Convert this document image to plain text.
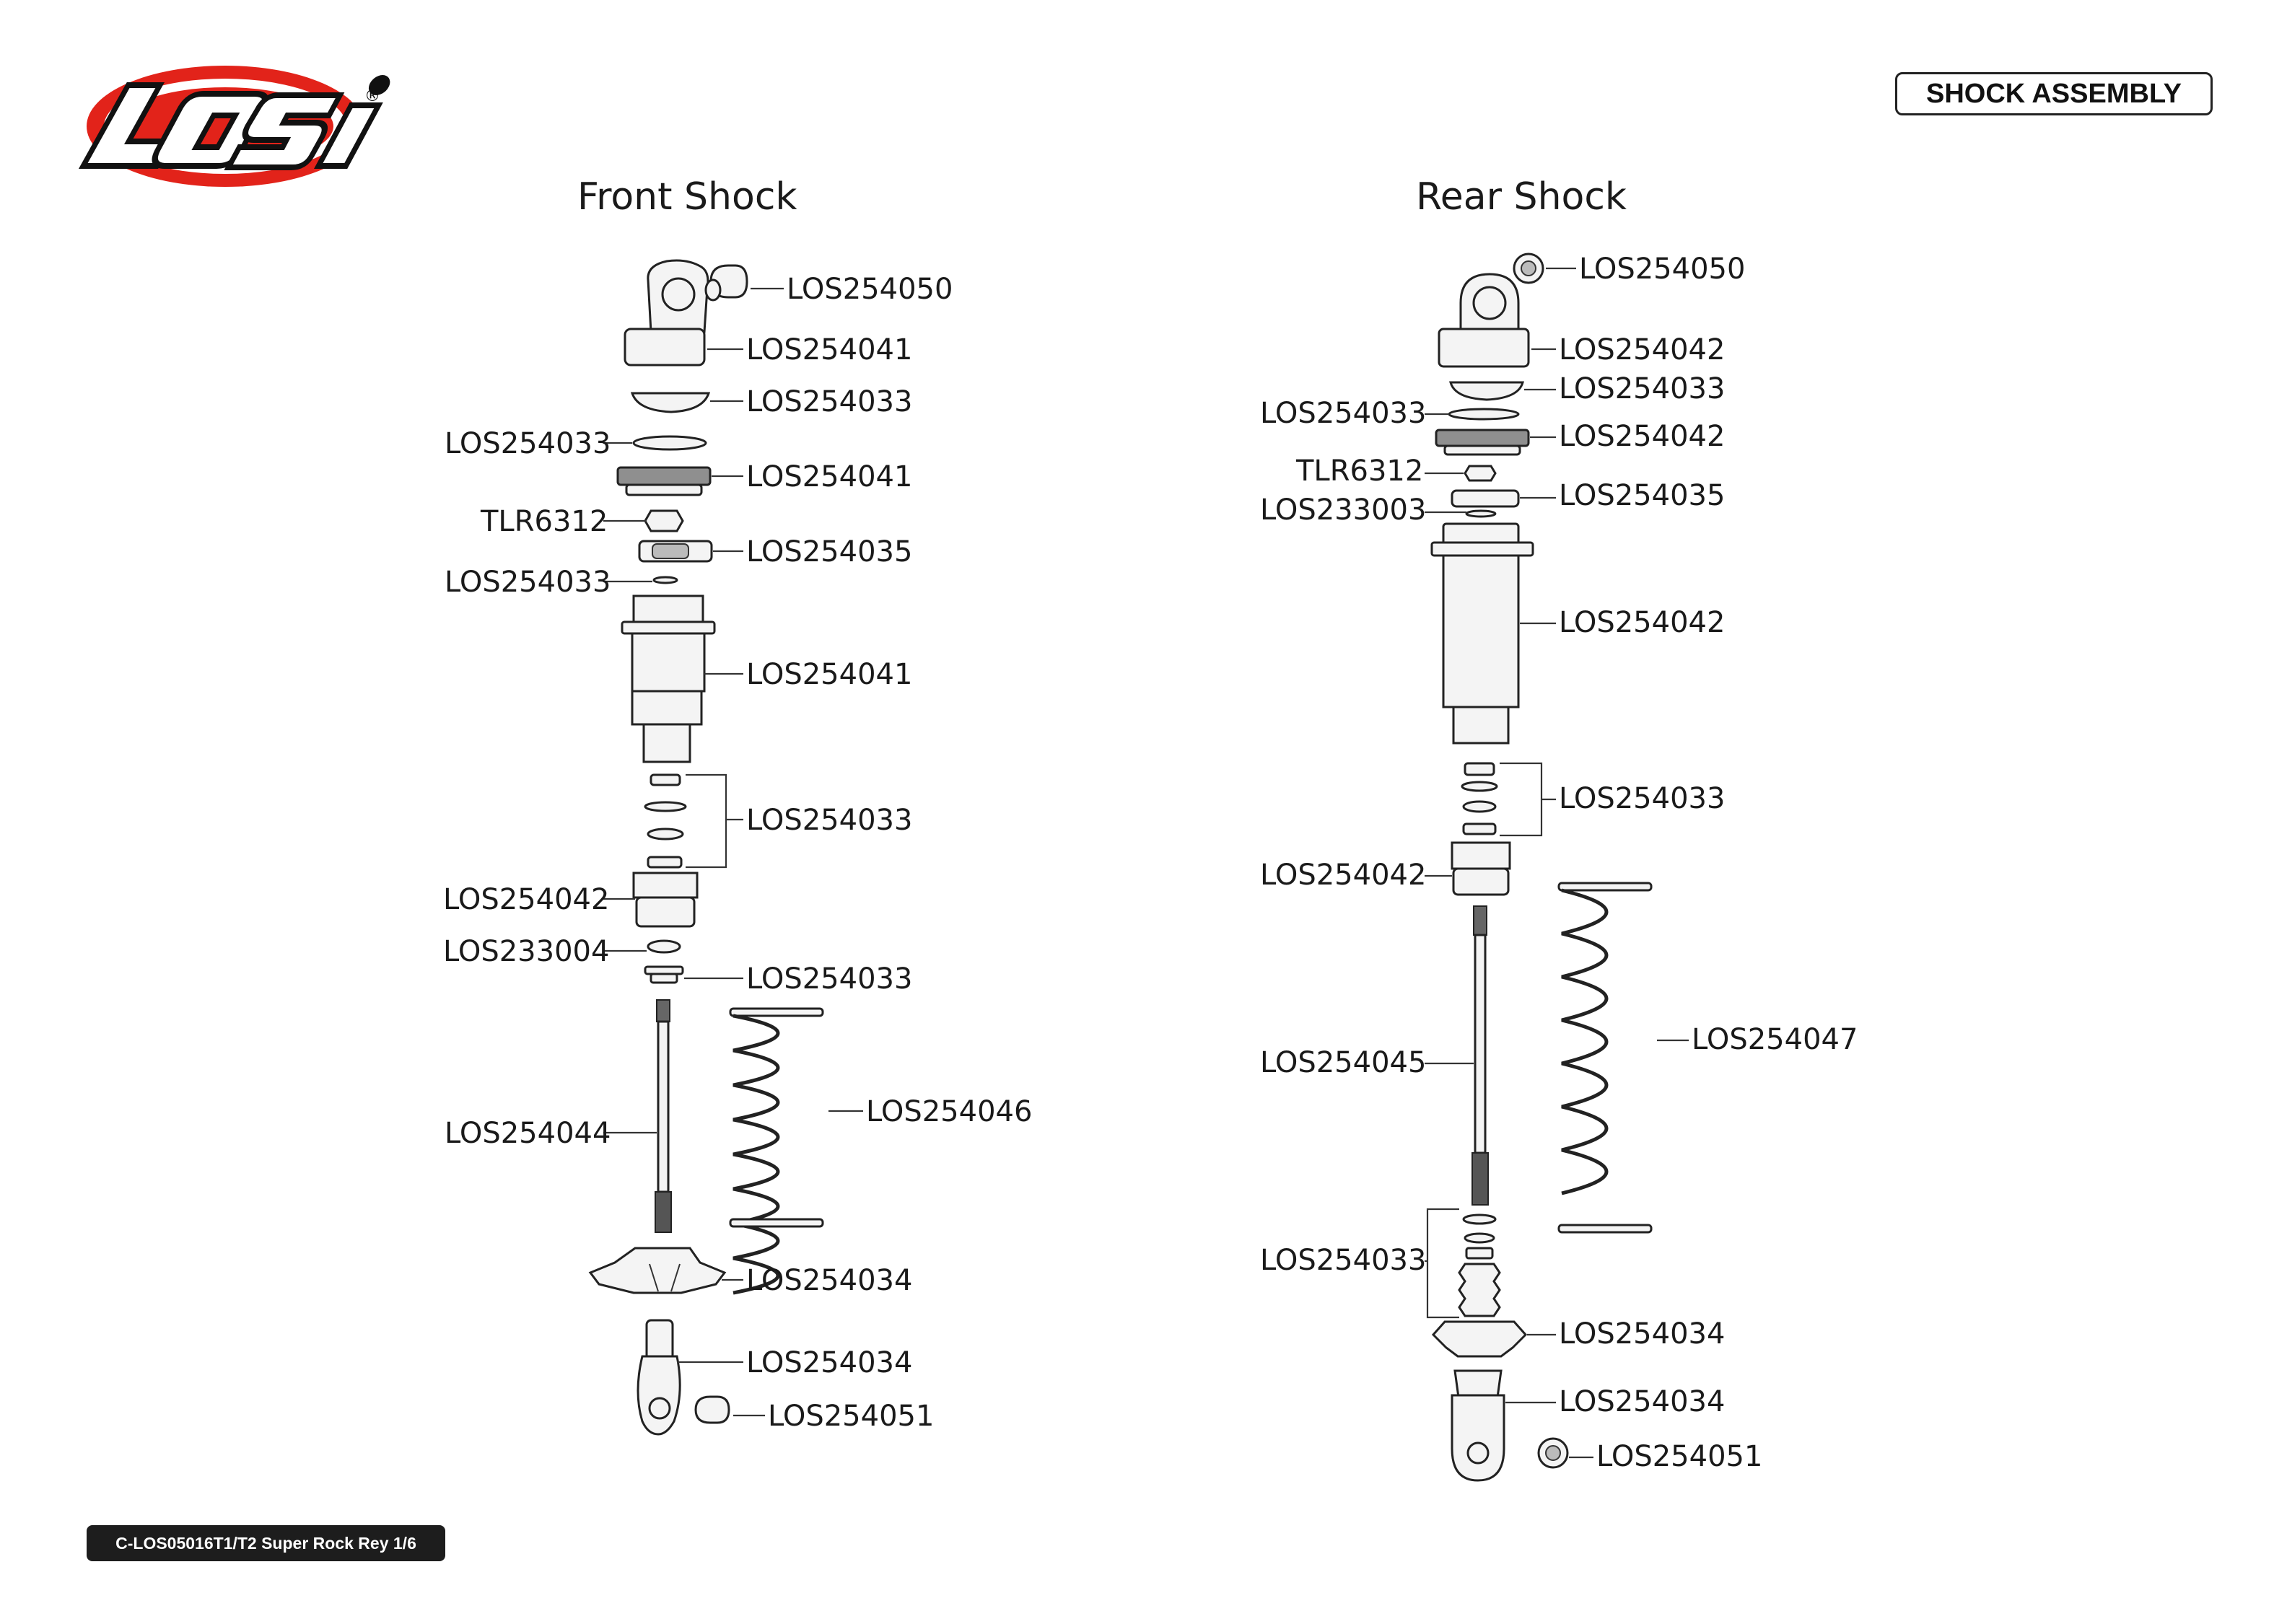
®
Front Shock	Rear Shock
LOS254050
LOS254041
LOS254033
LOS254033
LOS254041
TLR6312
LOS254035
LOS254033
LOS254041
LOS254033
LOS254042
LOS233004
LOS254033
LOS254044
LOS254046
LOS254034
LOS254034
LOS254051
LOS254050
LOS254042
LOS254033
LOS254033
LOS254042
TLR6312
LOS254035
LOS233003
LOS254042
LOS254033
LOS254042
LOS254047
LOS254045
LOS254033
LOS254034
LOS254034
LOS254051
SHOCK ASSEMBLY
C-LOS05016T1/T2 Super Rock Rey 1/6
